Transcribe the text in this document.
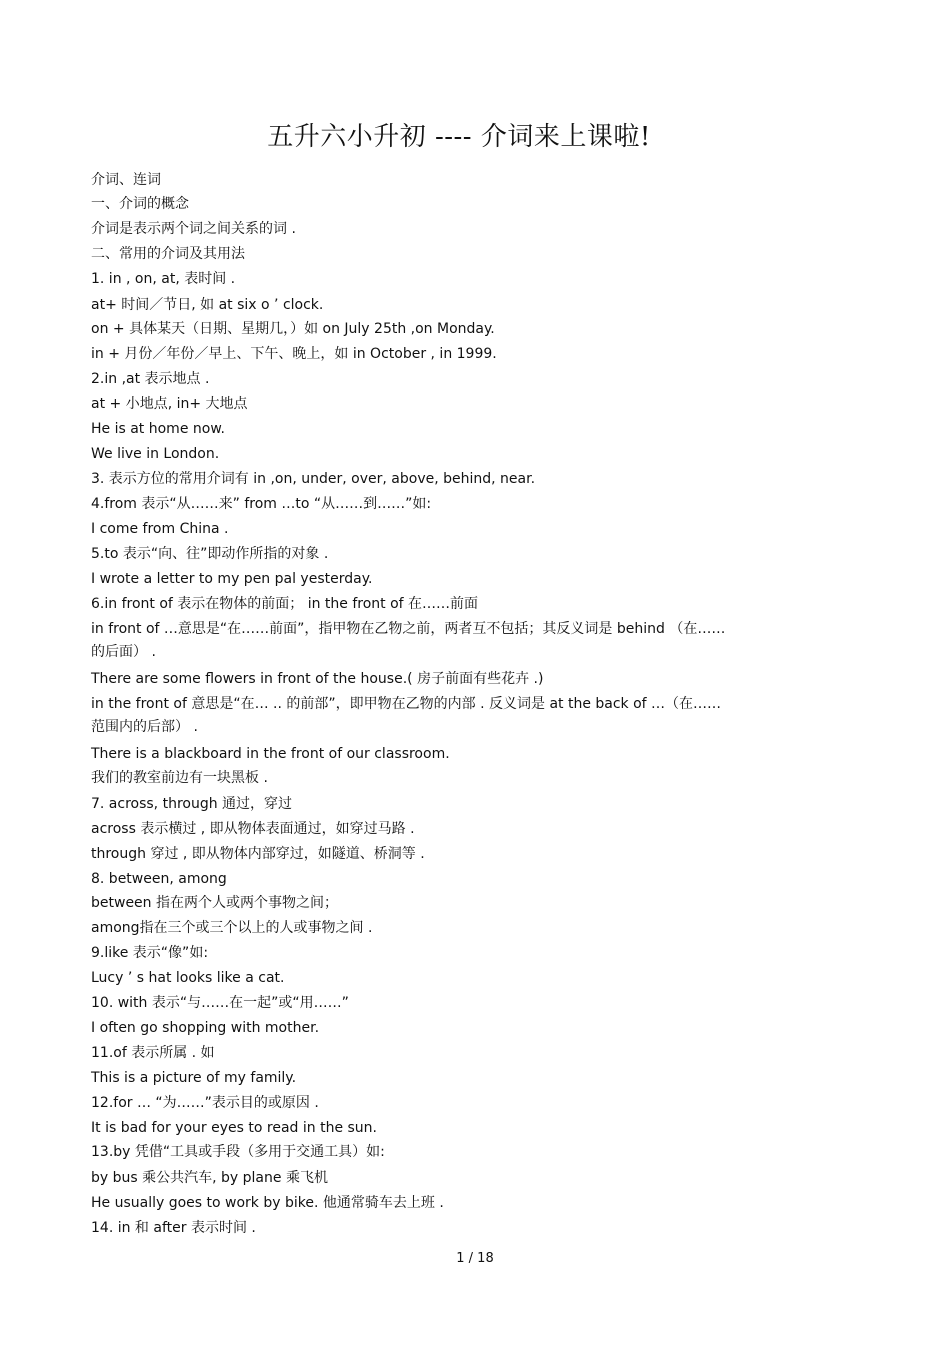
五升六小升初 ---- 介词来上课啦!
介词、连词
一、介词的概念
介词是表示两个词之间关系的词 .
二、常用的介词及其用法
1. in , on, at, 表时间 .
at+ 时间／节日, 如 at six o ’ clock.
on + 具体某天（日期、星期几，）如 on July 25th ,on Monday.
in + 月份／年份／早上、下午、晚上，如 in October , in 1999.
2.in ,at 表示地点 .
at + 小地点, in+ 大地点
He is at home now.
We live in London.
3. 表示方位的常用介词有 in ,on, under, over, above, behind, near.
4.from 表示“从……来” from …to “从……到……”如:
I come from China .
5.to 表示“向、往”即动作所指的对象 .
I wrote a letter to my pen pal yesterday.
6.in front of 表示在物体的前面； in the front of 在……前面
in front of …意思是“在……前面”，指甲物在乙物之前，两者互不包括；其反义词是 behind （在……
的后面） .
There are some flowers in front of the house.( 房子前面有些花卉 .)
in the front of 意思是“在… .. 的前部”，即甲物在乙物的内部 . 反义词是 at the back of …（在……
范围内的后部） .
There is a blackboard in the front of our classroom.
我们的教室前边有一块黑板 .
7. across, through 通过，穿过
across 表示横过 , 即从物体表面通过，如穿过马路 .
through 穿过 , 即从物体内部穿过，如隧道、桥洞等 .
8. between, among
between 指在两个人或两个事物之间；
among指在三个或三个以上的人或事物之间 .
9.like 表示“像”如:
Lucy ’ s hat looks like a cat.
10. with 表示“与……在一起”或“用……”
I often go shopping with mother.
11.of 表示所属 . 如
This is a picture of my family.
12.for … “为……”表示目的或原因 .
It is bad for your eyes to read in the sun.
13.by 凭借“工具或手段（多用于交通工具）如:
by bus 乘公共汽车, by plane 乘飞机
He usually goes to work by bike. 他通常骑车去上班 .
14. in 和 after 表示时间 .
1 / 18
